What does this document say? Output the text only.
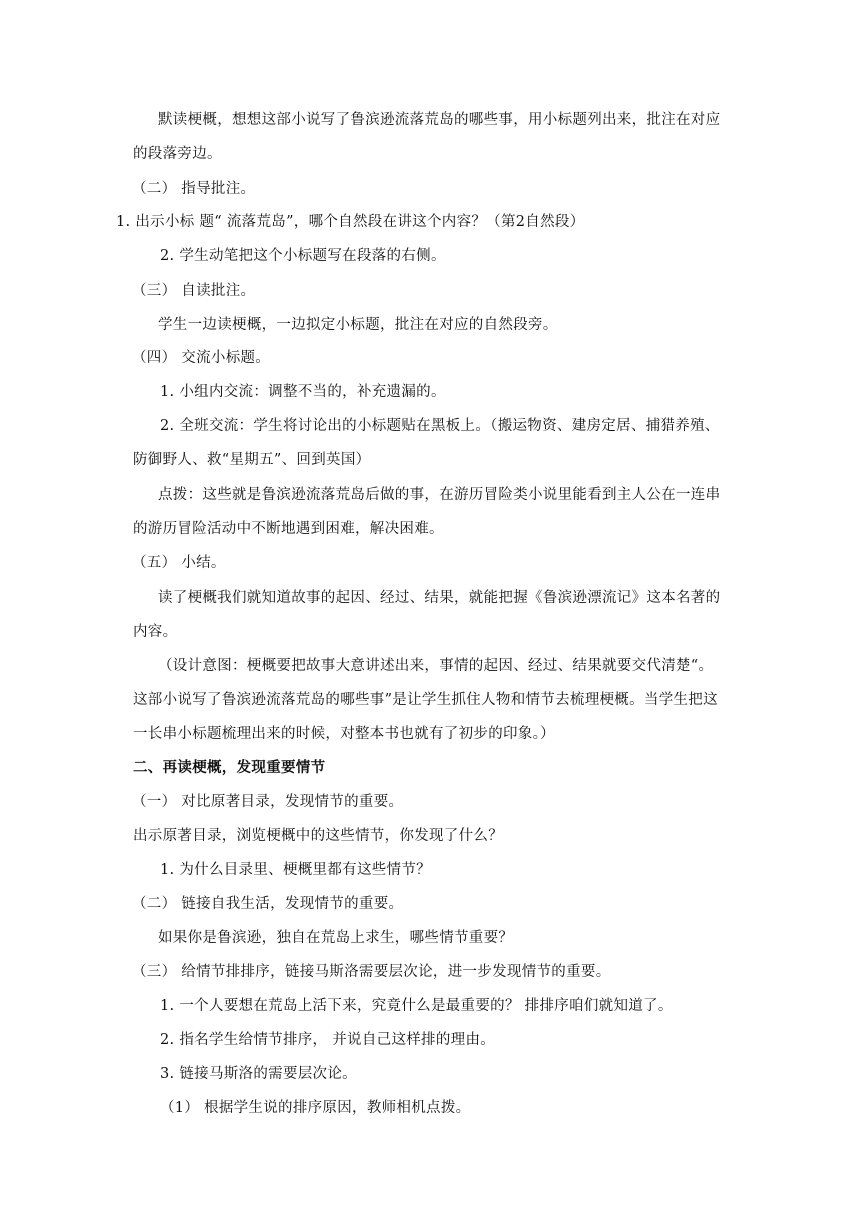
默读梗概，想想这部小说写了鲁滨逊流落荒岛的哪些事，用小标题列出来，批注在对应
的段落旁边。
（二） 指导批注。
1. 出示小标 题“ 流落荒岛”，哪个自然段在讲这个内容？（第2自然段）
2. 学生动笔把这个小标题写在段落的右侧。
（三） 自读批注。
学生一边读梗概，一边拟定小标题，批注在对应的自然段旁。
（四） 交流小标题。
1. 小组内交流：调整不当的，补充遗漏的。
2. 全班交流：学生将讨论出的小标题贴在黑板上。（搬运物资、建房定居、捕猎养殖、
防御野人、救“星期五”、回到英国）
点拨：这些就是鲁滨逊流落荒岛后做的事，在游历冒险类小说里能看到主人公在一连串
的游历冒险活动中不断地遇到困难，解决困难。
（五） 小结。
读了梗概我们就知道故事的起因、经过、结果，就能把握《鲁滨逊漂流记》这本名著的
内容。
（设计意图：梗概要把故事大意讲述出来，事情的起因、经过、结果就要交代清楚“。
这部小说写了鲁滨逊流落荒岛的哪些事”是让学生抓住人物和情节去梳理梗概。当学生把这
一长串小标题梳理出来的时候，对整本书也就有了初步的印象。）
二、再读梗概，发现重要情节
（一） 对比原著目录，发现情节的重要。
出示原著目录，浏览梗概中的这些情节，你发现了什么？
1. 为什么目录里、梗概里都有这些情节？
（二） 链接自我生活，发现情节的重要。
如果你是鲁滨逊，独自在荒岛上求生，哪些情节重要？
（三） 给情节排排序，链接马斯洛需要层次论，进一步发现情节的重要。
1. 一个人要想在荒岛上活下来，究竟什么是最重要的？ 排排序咱们就知道了。
2. 指名学生给情节排序， 并说自己这样排的理由。
3. 链接马斯洛的需要层次论。
（1） 根据学生说的排序原因，教师相机点拨。
